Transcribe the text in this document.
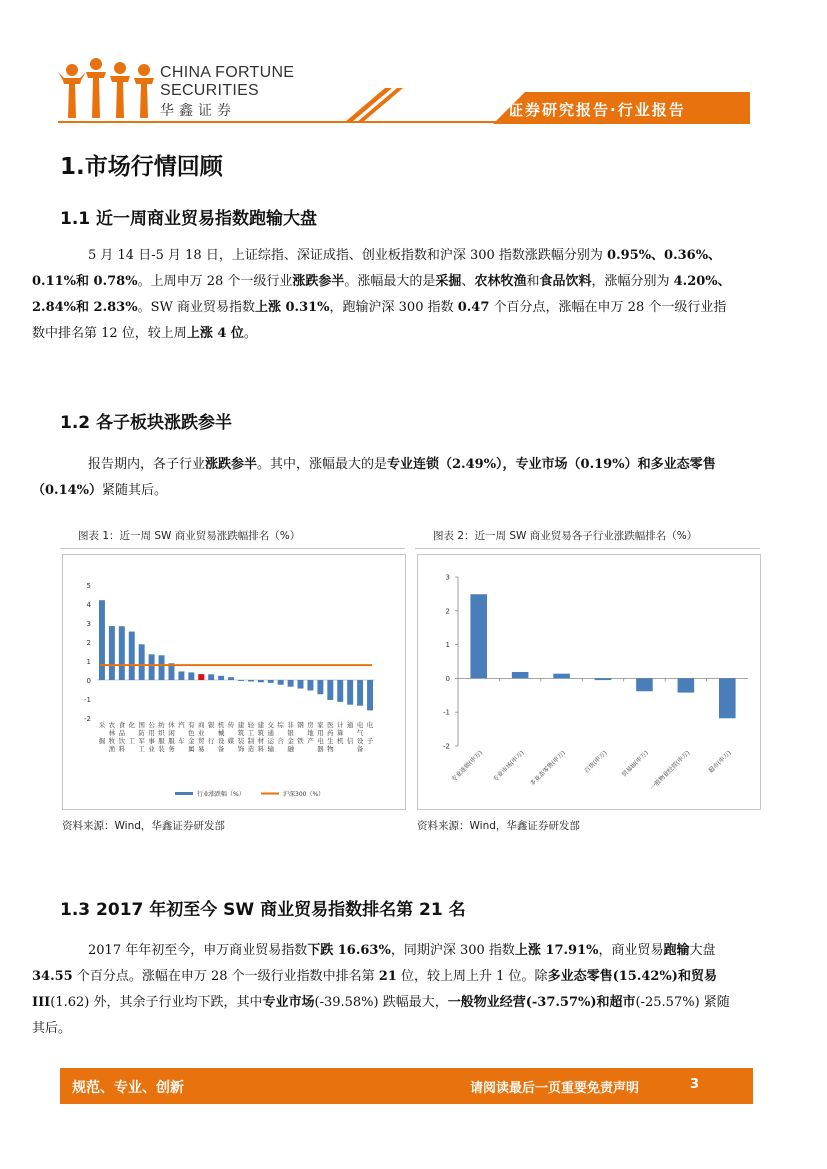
CHINA FORTUNE
SECURITIES
华鑫证券	证券研究报告·行业报告
1.市场行情回顾
1.1 近一周商业贸易指数跑输大盘
5 月 14 日-5 月 18 日，上证综指、深证成指、创业板指数和沪深 300 指数涨跌幅分别为 0.95%、0.36%、0.11%和 0.78%。上周申万 28 个一级行业涨跌参半。涨幅最大的是采掘、农林牧渔和食品饮料，涨幅分别为 4.20%、2.84%和 2.83%。SW 商业贸易指数上涨 0.31%，跑输沪深 300 指数 0.47 个百分点，涨幅在申万 28 个一级行业指数中排名第 12 位，较上周上涨 4 位。
1.2 各子板块涨跌参半
报告期内，各子行业涨跌参半。其中，涨幅最大的是专业连锁（2.49%），专业市场（0.19%）和多业态零售（0.14%）紧随其后。
图表 1：近一周 SW 商业贸易涨跌幅排名（%）
-2
-1
0
1
2
3
4
5
采
掘
农
林
牧
渔
食
品
饮
料
化
工
国
防
军
工
公
用
事
业
纺
织
服
装
休
闲
服
务
汽
车
有
色
金
属
商
业
贸
易
银
行
机
械
设
备
传
媒
建
筑
装
饰
轻
工
制
造
建
筑
材
料
交
通
运
输
综
合
非
银
金
融
钢
铁
房
地
产
家
用
电
器
医
药
生
物
计
算
机
通
信
电
气
设
备
电
子
行业涨跌幅（%）	沪深300（%）
资料来源：Wind，华鑫证券研发部
图表 2：近一周 SW 商业贸易各子行业涨跌幅排名（%）
-2
-1
0
1
2
3
专业连锁(申万) 专业市场(申万) 多业态零售(申万)	百货(申万) 贸易III(申万) 一般物业经营(申万)	超市(申万)
资料来源：Wind，华鑫证券研发部
1.3 2017 年初至今 SW 商业贸易指数排名第 21 名
2017 年年初至今，申万商业贸易指数下跌 16.63%，同期沪深 300 指数上涨 17.91%，商业贸易跑输大盘34.55 个百分点。涨幅在申万 28 个一级行业指数中排名第 21 位，较上周上升 1 位。除多业态零售(15.42%)和贸易 III(1.62) 外，其余子行业均下跌，其中专业市场(-39.58%) 跌幅最大，一般物业经营(-37.57%)和超市(-25.57%) 紧随其后。
规范、专业、创新	请阅读最后一页重要免责声明	3
